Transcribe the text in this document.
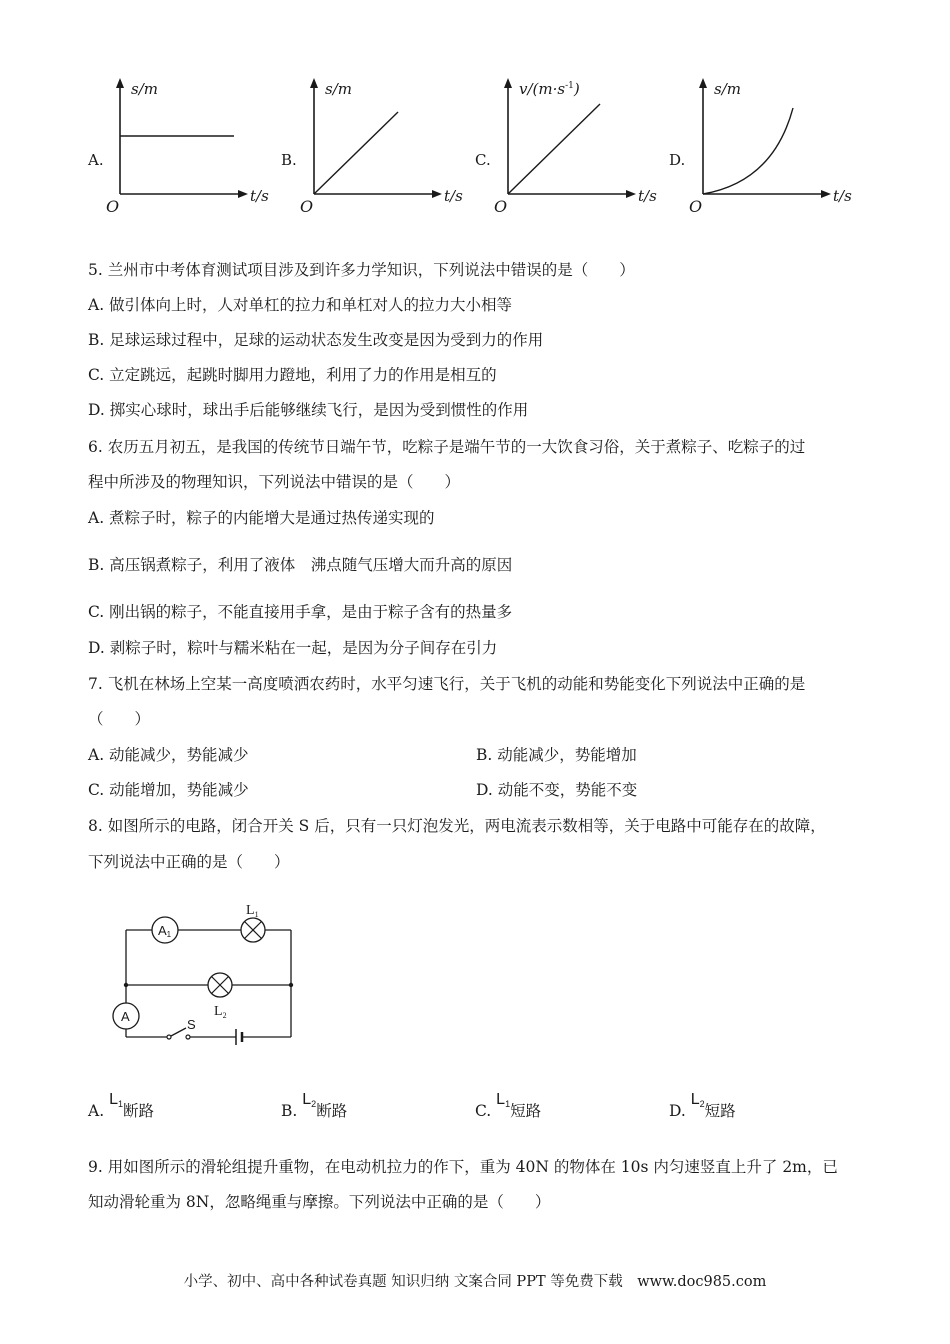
A.
s/m
t/s
O
B.
s/m
t/s
O
C.
$v/(m\cdot s^{-1})$
t/s
O
D.
s/m
t/s
O
5. 兰州市中考体育测试项目涉及到许多力学知识，下列说法中错误的是（　　）
A. 做引体向上时，人对单杠的拉力和单杠对人的拉力大小相等
B. 足球运球过程中，足球的运动状态发生改变是因为受到力的作用
C. 立定跳远，起跳时脚用力蹬地，利用了力的作用是相互的
D. 掷实心球时，球出手后能够继续飞行，是因为受到惯性的作用
6. 农历五月初五，是我国的传统节日端午节，吃粽子是端午节的一大饮食习俗，关于煮粽子、吃粽子的过
程中所涉及的物理知识，下列说法中错误的是（　　）
A. 煮粽子时，粽子的内能增大是通过热传递实现的
B. 高压锅煮粽子，利用了液体　沸点随气压增大而升高的原因
C. 刚出锅的粽子，不能直接用手拿，是由于粽子含有的热量多
D. 剥粽子时，粽叶与糯米粘在一起，是因为分子间存在引力
7. 飞机在林场上空某一高度喷洒农药时，水平匀速飞行，关于飞机的动能和势能变化下列说法中正确的是
（　　）
A. 动能减少，势能减少	B. 动能减少，势能增加
C. 动能增加，势能减少	D. 动能不变，势能不变
8. 如图所示的电路，闭合开关 S 后，只有一只灯泡发光，两电流表示数相等，关于电路中可能存在的故障，
下列说法中正确的是（　　）
A1
$L_1$
$L_2$
A
S
A. $L^1$断路	B. $L^2$断路	C. $L^1$短路	D. $L^2$短路
9. 用如图所示的滑轮组提升重物，在电动机拉力的作下，重为 40N 的物体在 10s 内匀速竖直上升了 2m，已
知动滑轮重为 8N，忽略绳重与摩擦。下列说法中正确的是（　　）
小学、初中、高中各种试卷真题 知识归纳 文案合同 PPT 等免费下载　www.doc985.com
